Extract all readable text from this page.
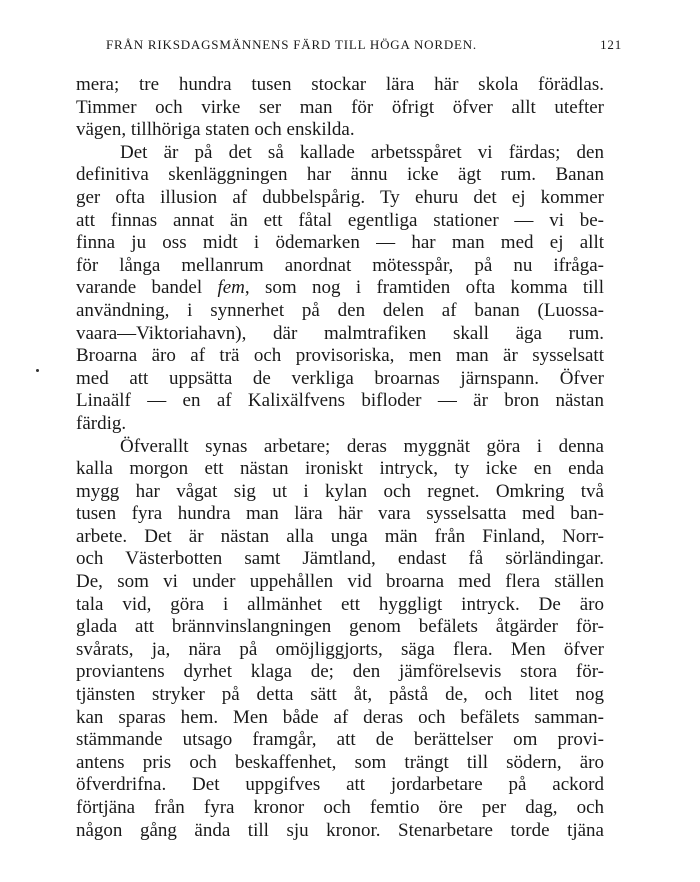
FRÅN RIKSDAGSMÄNNENS FÄRD TILL HÖGA NORDEN.	121
mera; tre hundra tusen stockar lära här skola förädlas.
Timmer och virke ser man för öfrigt öfver allt utefter
vägen, tillhöriga staten och enskilda.
Det är på det så kallade arbetsspåret vi färdas; den
definitiva skenläggningen har ännu icke ägt rum. Banan
ger ofta illusion af dubbelspårig. Ty ehuru det ej kommer
att finnas annat än ett fåtal egentliga stationer — vi be-
finna ju oss midt i ödemarken — har man med ej allt
för långa mellanrum anordnat mötesspår, på nu ifråga-
varande bandel fem, som nog i framtiden ofta komma till
användning, i synnerhet på den delen af banan (Luossa-
vaara—Viktoriahavn), där malmtrafiken skall äga rum.
Broarna äro af trä och provisoriska, men man är sysselsatt
med att uppsätta de verkliga broarnas järnspann. Öfver
Linaälf — en af Kalixälfvens bifloder — är bron nästan
färdig.
Öfverallt synas arbetare; deras myggnät göra i denna
kalla morgon ett nästan ironiskt intryck, ty icke en enda
mygg har vågat sig ut i kylan och regnet. Omkring två
tusen fyra hundra man lära här vara sysselsatta med ban-
arbete. Det är nästan alla unga män från Finland, Norr-
och Västerbotten samt Jämtland, endast få sörländingar.
De, som vi under uppehållen vid broarna med flera ställen
tala vid, göra i allmänhet ett hyggligt intryck. De äro
glada att brännvinslangningen genom befälets åtgärder för-
svårats, ja, nära på omöjliggjorts, säga flera. Men öfver
proviantens dyrhet klaga de; den jämförelsevis stora för-
tjänsten stryker på detta sätt åt, påstå de, och litet nog
kan sparas hem. Men både af deras och befälets samman-
stämmande utsago framgår, att de berättelser om provi-
antens pris och beskaffenhet, som trängt till södern, äro
öfverdrifna. Det uppgifves att jordarbetare på ackord
förtjäna från fyra kronor och femtio öre per dag, och
någon gång ända till sju kronor. Stenarbetare torde tjäna
